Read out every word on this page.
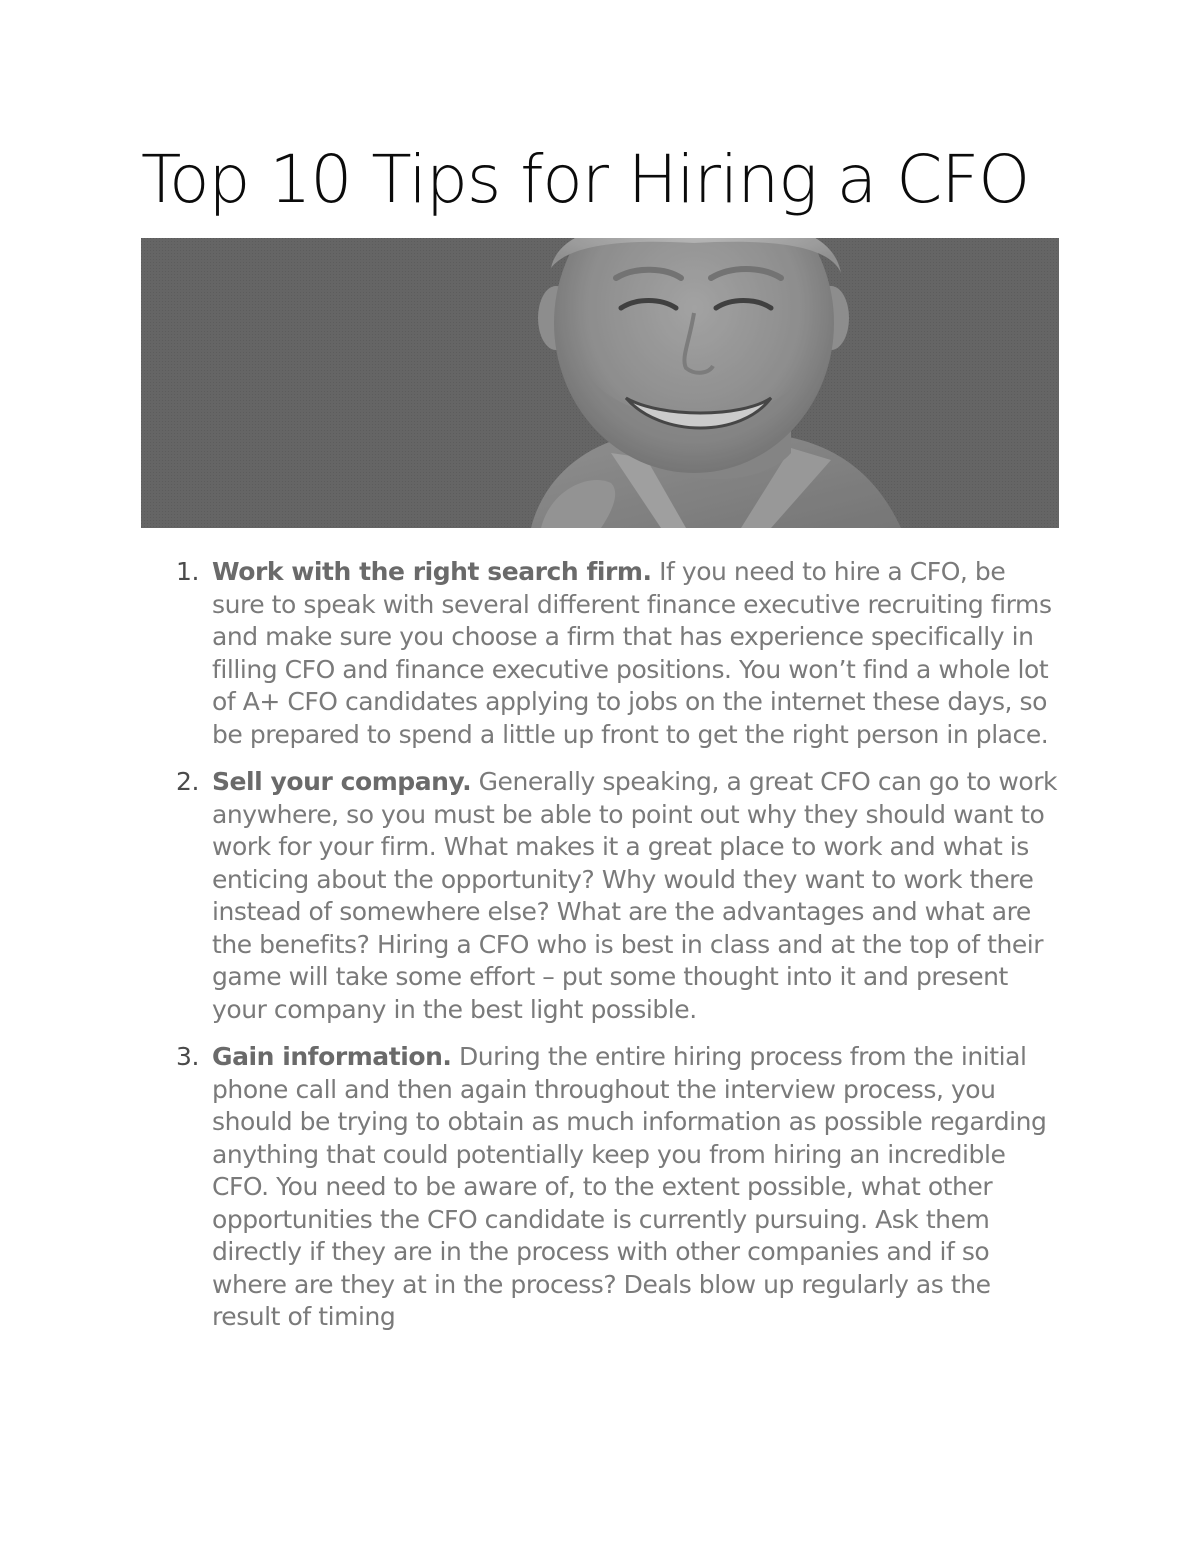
Top 10 Tips for Hiring a CFO
1. Work with the right search firm. If you need to hire a CFO, be sure to speak with several different finance executive recruiting firms and make sure you choose a firm that has experience specifically in filling CFO and finance executive positions. You won’t find a whole lot of A+ CFO candidates applying to jobs on the internet these days, so be prepared to spend a little up front to get the right person in place.
2. Sell your company. Generally speaking, a great CFO can go to work anywhere, so you must be able to point out why they should want to work for your firm. What makes it a great place to work and what is enticing about the opportunity? Why would they want to work there instead of somewhere else? What are the advantages and what are the benefits? Hiring a CFO who is best in class and at the top of their game will take some effort – put some thought into it and present your company in the best light possible.
3. Gain information. During the entire hiring process from the initial phone call and then again throughout the interview process, you should be trying to obtain as much information as possible regarding anything that could potentially keep you from hiring an incredible CFO. You need to be aware of, to the extent possible, what other opportunities the CFO candidate is currently pursuing. Ask them directly if they are in the process with other companies and if so where are they at in the process? Deals blow up regularly as the result of timing
